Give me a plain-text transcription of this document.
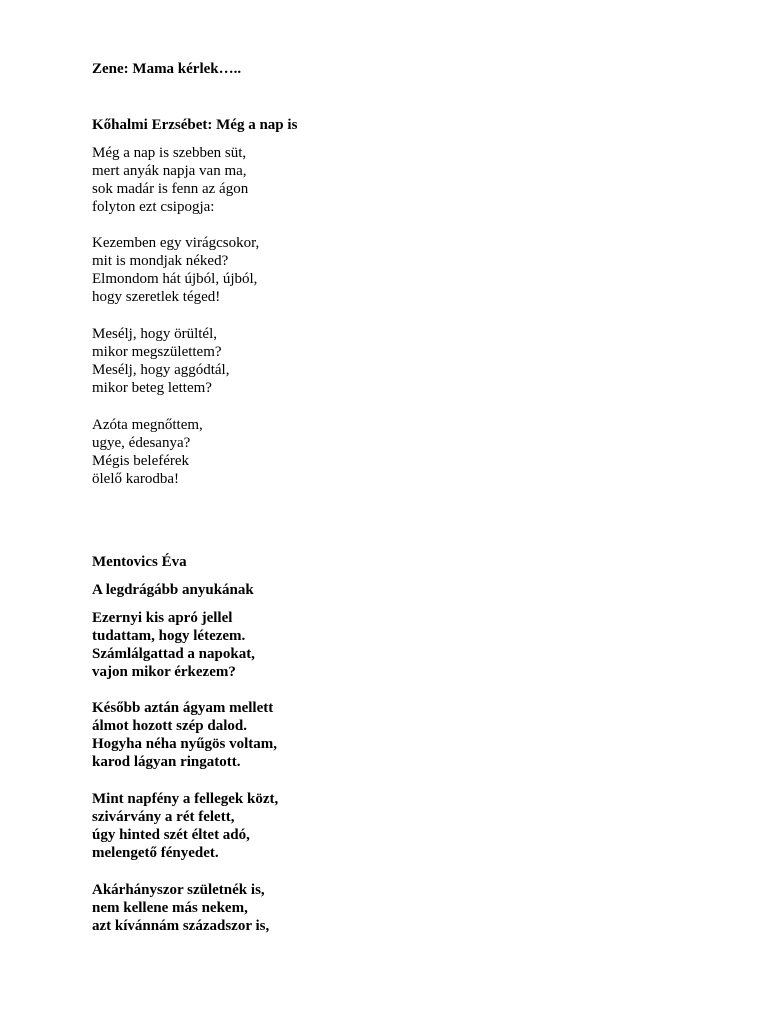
Zene: Mama kérlek…..
Kőhalmi Erzsébet: Még a nap is
Még a nap is szebben süt,
mert anyák napja van ma,
sok madár is fenn az ágon
folyton ezt csipogja:
Kezemben egy virágcsokor,
mit is mondjak néked?
Elmondom hát újból, újból,
hogy szeretlek téged!
Mesélj, hogy örültél,
mikor megszülettem?
Mesélj, hogy aggódtál,
mikor beteg lettem?
Azóta megnőttem,
ugye, édesanya?
Mégis beleférek
ölelő karodba!
Mentovics Éva
A legdrágább anyukának
Ezernyi kis apró jellel
tudattam, hogy létezem.
Számlálgattad a napokat,
vajon mikor érkezem?
Később aztán ágyam mellett
álmot hozott szép dalod.
Hogyha néha nyűgös voltam,
karod lágyan ringatott.
Mint napfény a fellegek közt,
szivárvány a rét felett,
úgy hinted szét éltet adó,
melengető fényedet.
Akárhányszor születnék is,
nem kellene más nekem,
azt kívánnám századszor is,
